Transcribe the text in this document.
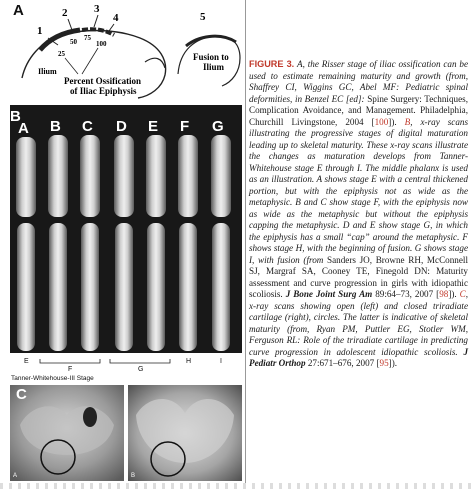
A
1
2 3
4	5
25
50 75
100
Ilium
Percent Ossification
of Iliac Epiphysis
Fusion to
Ilium
B
A B C D E F G
E
F	G
H	I
Tanner-Whitehouse-III Stage
C
A	B
FIGURE 3. A, the Risser stage of iliac ossification can be used to estimate remaining maturity and growth (from, Shaffrey CI, Wiggins GC, Abel MF: Pediatric spinal deformities, in Benzel EC [ed]: Spine Surgery: Techniques, Complication Avoidance, and Management. Philadelphia, Churchill Livingstone, 2004 [100]). B, x-ray scans illustrating the progressive stages of digital maturation leading up to skeletal maturity. These x-ray scans illustrate the changes as maturation develops from Tanner-Whitehouse stage E through I. The middle phalanx is used as an illustration. A shows stage E with a central thickened portion, but with the epiphysis not as wide as the metaphysic. B and C show stage F, with the epiphysis now as wide as the metaphysic but without the epiphysis capping the metaphysic. D and E show stage G, in which the epiphysis has a small “cap” around the metaphysic. F shows stage H, with the beginning of fusion. G shows stage I, with fusion (from Sanders JO, Browne RH, McConnell SJ, Margraf SA, Cooney TE, Finegold DN: Maturity assessment and curve progression in girls with idiopathic scoliosis. J Bone Joint Surg Am 89:64–73, 2007 [98]). C, x-ray scans showing open (left) and closed triradiate cartilage (right), circles. The latter is indicative of skeletal maturity (from, Ryan PM, Puttler EG, Stotler WM, Ferguson RL: Role of the triradiate cartilage in predicting curve progression in adolescent idiopathic scoliosis. J Pediatr Orthop 27:671–676, 2007 [95]).
